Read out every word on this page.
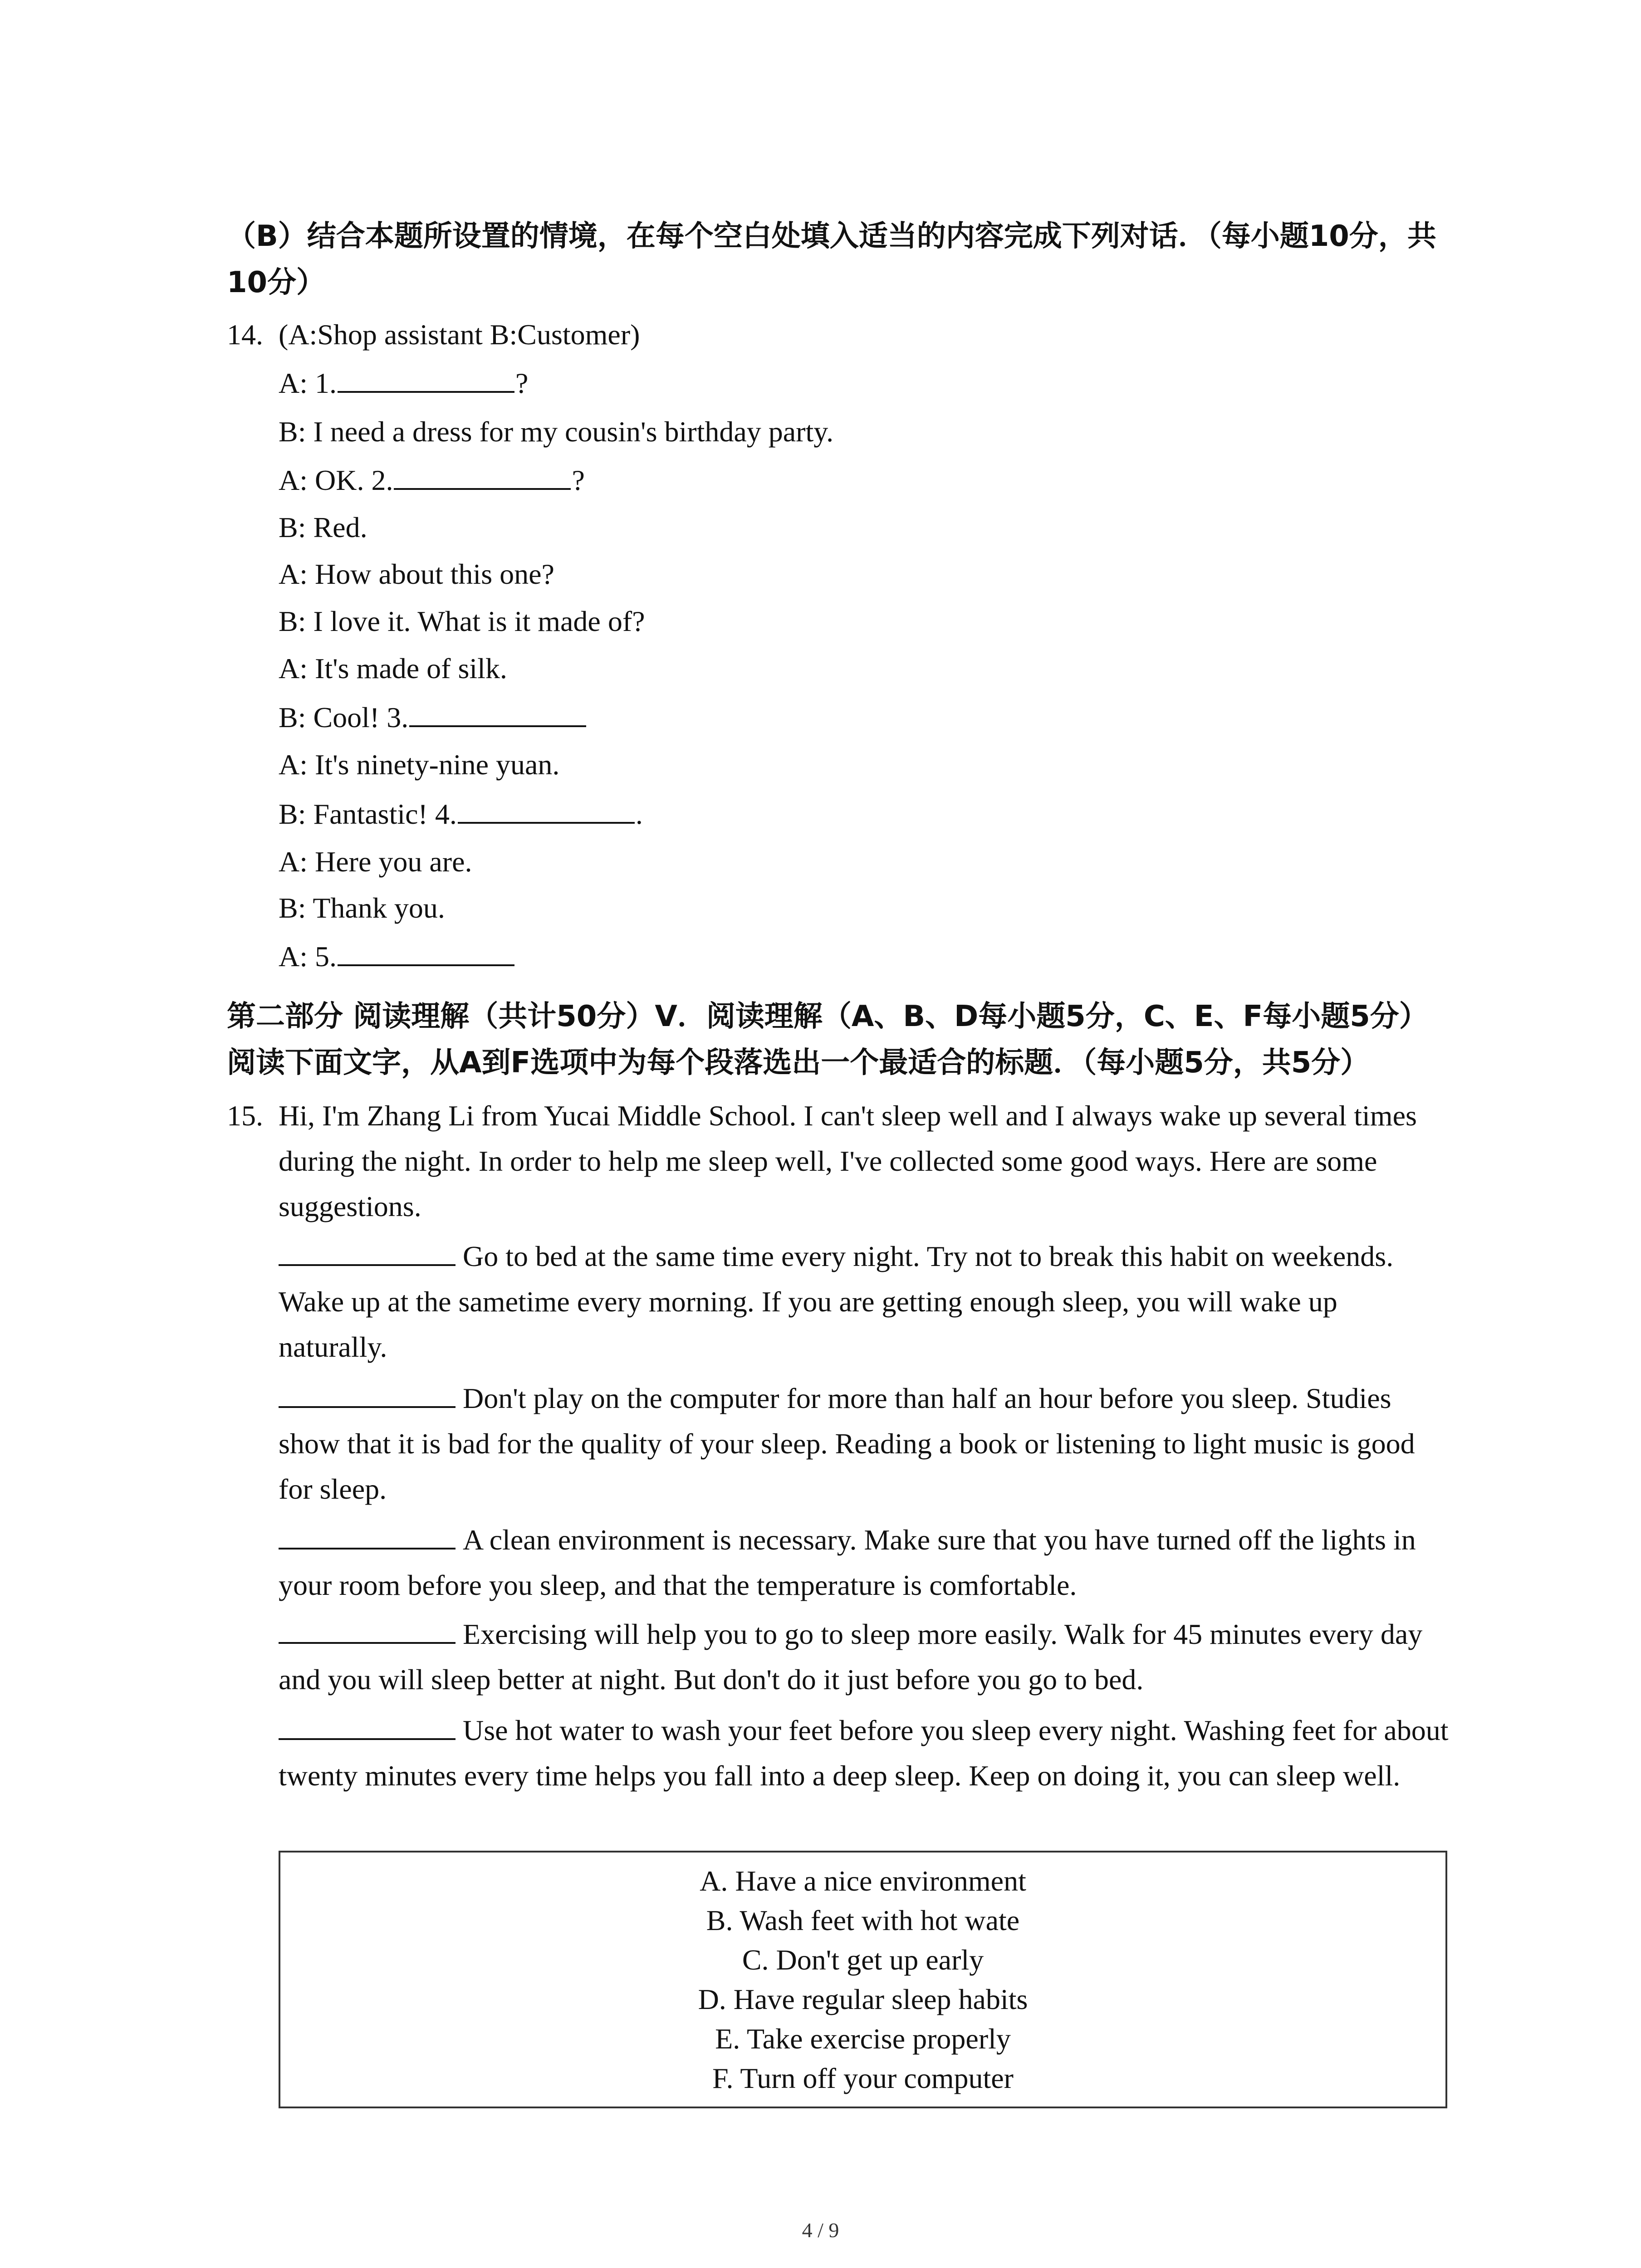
（B）结合本题所设置的情境，在每个空白处填入适当的内容完成下列对话．（每小题10分，共10分）
14. (A:Shop assistant B:Customer)
A: 1.	?
B: I need a dress for my cousin's birthday party.
A: OK. 2.	?
B: Red.
A: How about this one?
B: I love it. What is it made of?
A: It's made of silk.
B: Cool! 3.
A: It's ninety-nine yuan.
B: Fantastic! 4.	.
A: Here you are.
B: Thank you.
A: 5.
第二部分 阅读理解（共计50分）V．阅读理解（A、B、D每小题5分，C、E、F每小题5分）阅读下面文字，从A到F选项中为每个段落选出一个最适合的标题．（每小题5分，共5分）
15. Hi, I'm Zhang Li from Yucai Middle School. I can't sleep well and I always wake up several times during the night. In order to help me sleep well, I've collected some good ways. Here are some suggestions.
Go to bed at the same time every night. Try not to break this habit on weekends. Wake up at the sametime every morning. If you are getting enough sleep, you will wake up naturally.
Don't play on the computer for more than half an hour before you sleep. Studies show that it is bad for the quality of your sleep. Reading a book or listening to light music is good for sleep.
A clean environment is necessary. Make sure that you have turned off the lights in your room before you sleep, and that the temperature is comfortable.
Exercising will help you to go to sleep more easily. Walk for 45 minutes every day and you will sleep better at night. But don't do it just before you go to bed.
Use hot water to wash your feet before you sleep every night. Washing feet for about twenty minutes every time helps you fall into a deep sleep. Keep on doing it, you can sleep well.
A. Have a nice environment
B. Wash feet with hot wate
C. Don't get up early
D. Have regular sleep habits
E. Take exercise properly
F. Turn off your computer
4 / 9
